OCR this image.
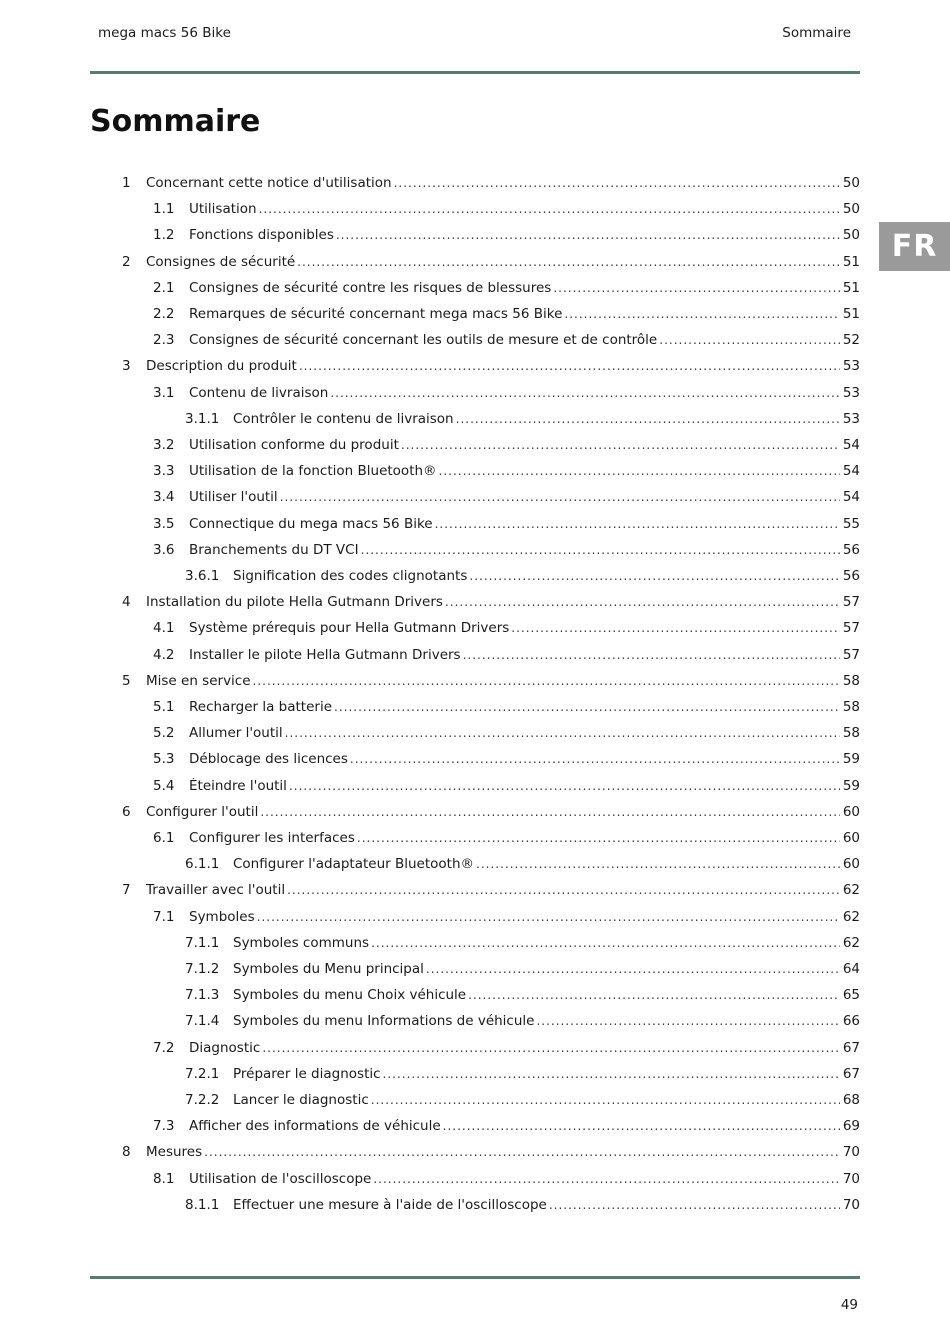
mega macs 56 Bike	Sommaire
Sommaire
FR
1 Concernant cette notice d'utilisation .....	50
1.1 Utilisation .....	50
1.2 Fonctions disponibles .....	50
2 Consignes de sécurité .....	51
2.1 Consignes de sécurité contre les risques de blessures .....	51
2.2 Remarques de sécurité concernant mega macs 56 Bike .....	51
2.3 Consignes de sécurité concernant les outils de mesure et de contrôle .....	52
3 Description du produit .....	53
3.1 Contenu de livraison .....	53
3.1.1 Contrôler le contenu de livraison .....	53
3.2 Utilisation conforme du produit .....	54
3.3 Utilisation de la fonction Bluetooth® .....	54
3.4 Utiliser l'outil .....	54
3.5 Connectique du mega macs 56 Bike .....	55
3.6 Branchements du DT VCI .....	56
3.6.1 Signification des codes clignotants .....	56
4 Installation du pilote Hella Gutmann Drivers .....	57
4.1 Système prérequis pour Hella Gutmann Drivers .....	57
4.2 Installer le pilote Hella Gutmann Drivers .....	57
5 Mise en service .....	58
5.1 Recharger la batterie .....	58
5.2 Allumer l'outil .....	58
5.3 Déblocage des licences .....	59
5.4 Éteindre l'outil .....	59
6 Configurer l'outil .....	60
6.1 Configurer les interfaces .....	60
6.1.1 Configurer l'adaptateur Bluetooth® .....	60
7 Travailler avec l'outil .....	62
7.1 Symboles .....	62
7.1.1 Symboles communs .....	62
7.1.2 Symboles du Menu principal .....	64
7.1.3 Symboles du menu Choix véhicule .....	65
7.1.4 Symboles du menu Informations de véhicule .....	66
7.2 Diagnostic .....	67
7.2.1 Préparer le diagnostic .....	67
7.2.2 Lancer le diagnostic .....	68
7.3 Afficher des informations de véhicule .....	69
8 Mesures .....	70
8.1 Utilisation de l'oscilloscope .....	70
8.1.1 Effectuer une mesure à l'aide de l'oscilloscope .....	70
49
